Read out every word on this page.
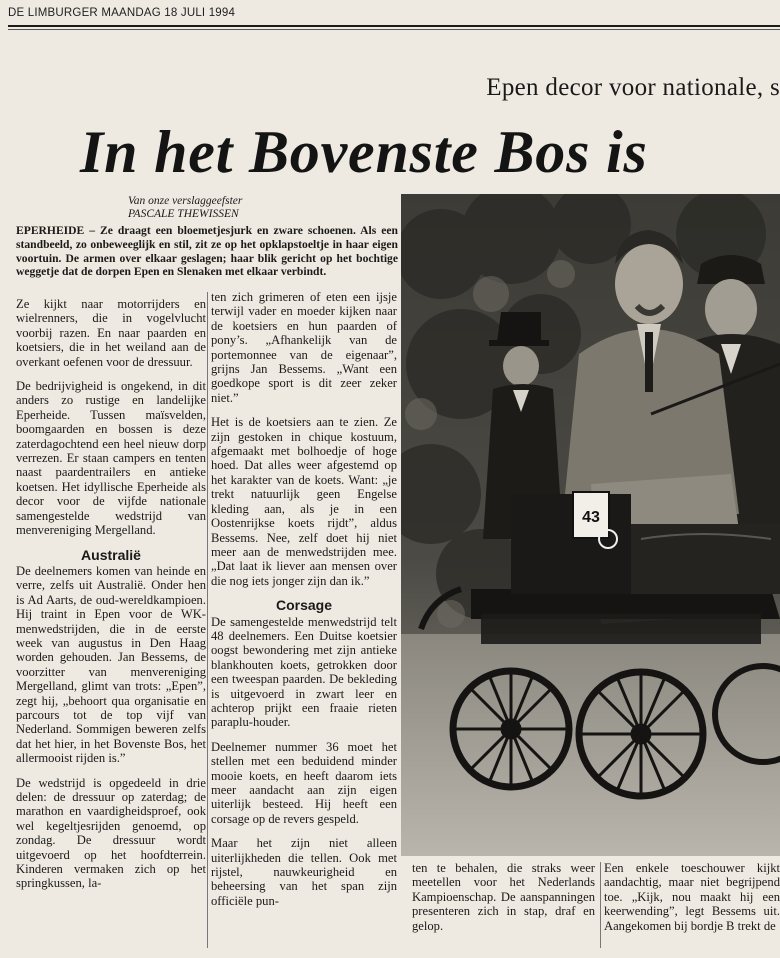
DE LIMBURGER MAANDAG 18 JULI 1994
Epen decor voor nationale, s
In het Bovenste Bos is
Van onze verslaggeefster
PASCALE THEWISSEN
EPERHEIDE – Ze draagt een bloemetjesjurk en zware schoenen. Als een standbeeld, zo onbeweeglijk en stil, zit ze op het opklapstoeltje in haar eigen voortuin. De armen over elkaar geslagen; haar blik gericht op het bochtige weggetje dat de dorpen Epen en Slenaken met elkaar verbindt.

Ze kijkt naar motorrijders en wielrenners, die in vogelvlucht voorbij razen. En naar paarden en koetsiers, die in het weiland aan de overkant oefenen voor de dressuur.

De bedrijvigheid is ongekend, in dit anders zo rustige en landelijke Eperheide. Tussen maïsvelden, boomgaarden en bossen is deze zaterdagochtend een heel nieuw dorp verrezen. Er staan campers en tenten naast paardentrailers en antieke koetsen. Het idyllische Eperheide als decor voor de vijfde nationale samengestelde wedstrijd van menvereniging Mergelland.

Australië

De deelnemers komen van heinde en verre, zelfs uit Australië. Onder hen is Ad Aarts, de oud-wereldkampioen. Hij traint in Epen voor de WK-menwedstrijden, die in de eerste week van augustus in Den Haag worden gehouden. Jan Bessems, de voorzitter van menvereniging Mergelland, glimt van trots: „Epen”, zegt hij, „behoort qua organisatie en parcours tot de top vijf van Nederland. Sommigen beweren zelfs dat het hier, in het Bovenste Bos, het allermooist rijden is.”

De wedstrijd is opgedeeld in drie delen: de dressuur op zaterdag; de marathon en vaardigheidsproef, ook wel kegeltjesrijden genoemd, op zondag. De dressuur wordt uitgevoerd op het hoofdterrein. Kinderen vermaken zich op het springkussen, la-

ten zich grimeren of eten een ijsje terwijl vader en moeder kijken naar de koetsiers en hun paarden of pony’s. „Afhankelijk van de portemonnee van de eigenaar”, grijns Jan Bessems. „Want een goedkope sport is dit zeer zeker niet.”

Het is de koetsiers aan te zien. Ze zijn gestoken in chique kostuum, afgemaakt met bolhoedje of hoge hoed. Dat alles weer afgestemd op het karakter van de koets. Want: „je trekt natuurlijk geen Engelse kleding aan, als je in een Oostenrijkse koets rijdt”, aldus Bessems. Nee, zelf doet hij niet meer aan de menwedstrijden mee. „Dat laat ik liever aan mensen over die nog iets jonger zijn dan ik.”

Corsage

De samengestelde menwedstrijd telt 48 deelnemers. Een Duitse koetsier oogst bewondering met zijn antieke blankhouten koets, getrokken door een tweespan paarden. De bekleding is uitgevoerd in zwart leer en achterop prijkt een fraaie rieten paraplu-houder.

Deelnemer nummer 36 moet het stellen met een beduidend minder mooie koets, en heeft daarom iets meer aandacht aan zijn eigen uiterlijk besteed. Hij heeft een corsage op de revers gespeld.

Maar het zijn niet alleen uiterlijkheden die tellen. Ook met rijstel, nauwkeurigheid en beheersing van het span zijn officiële pun-

43

ten te behalen, die straks weer meetellen voor het Nederlands Kampioenschap. De aanspanningen presenteren zich in stap, draf en gelop.

Een enkele toeschouwer kijkt aandachtig, maar niet begrijpend toe. „Kijk, nou maakt hij een keerwending”, legt Bessems uit. Aangekomen bij bordje B trekt de
